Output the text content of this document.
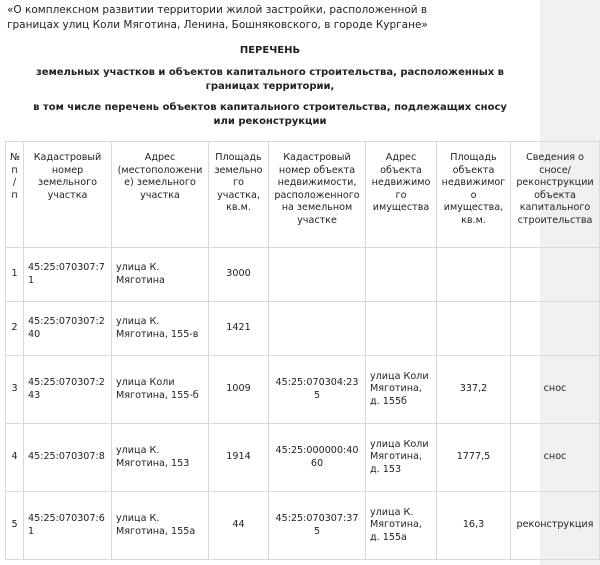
«О комплексном развитии территории жилой застройки, расположенной в границах улиц Коли Мяготина, Ленина, Бошняковского, в городе Кургане»
ПЕРЕЧЕНЬ
земельных участков и объектов капитального строительства, расположенных в границах территории,
в том числе перечень объектов капитального строительства, подлежащих сносу или реконструкции
№ п/п	Кадастровый номер земельного участка	Адрес (местоположение) земельного участка	Площадь земельного участка, кв.м.	Кадастровый номер объекта недвижимости, расположенного на земельном участке	Адрес объекта недвижимого имущества	Площадь объекта недвижимого имущества, кв.м.	Сведения о сносе/ реконструкции объекта капитального строительства
1	45:25:070307:71	улица К. Мяготина	3000				
2	45:25:070307:240	улица К. Мяготина, 155-в	1421				
3	45:25:070307:243	улица Коли Мяготина, 155-б	1009	45:25:070304:235	улица Коли Мяготина, д. 155б	337,2	снос
4	45:25:070307:8	улица К. Мяготина, 153	1914	45:25:000000:4060	улица Коли Мяготина, д. 153	1777,5	снос
5	45:25:070307:61	улица К. Мяготина, 155а	44	45:25:070307:375	улица К. Мяготина, д. 155а	16,3	реконструкция
